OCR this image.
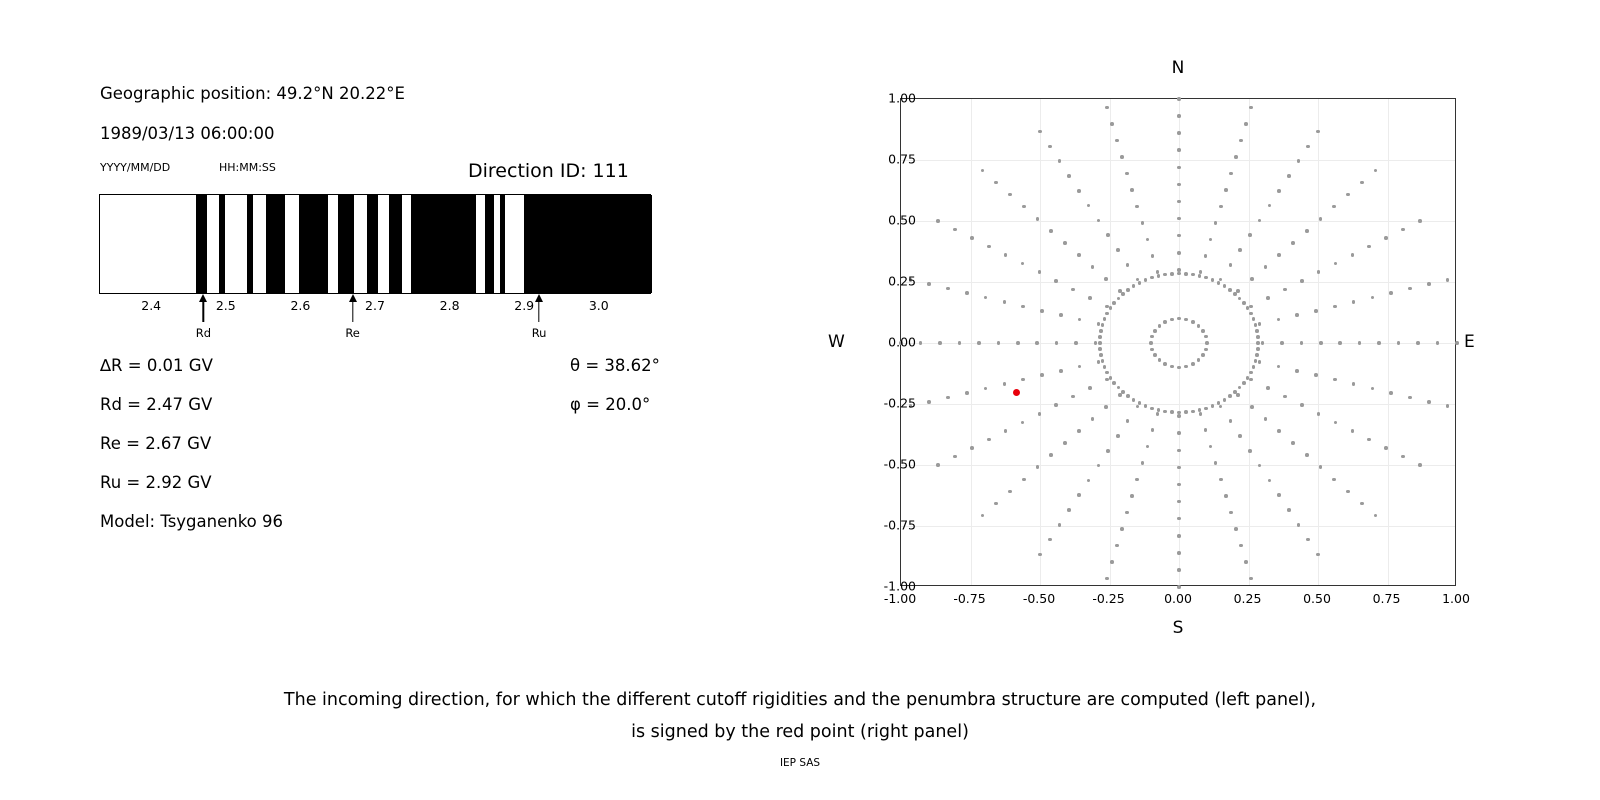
Geographic position: 49.2°N 20.22°E
1989/03/13 06:00:00
YYYY/MM/DD	HH:MM:SS	Direction ID: 111
2.4	2.5	2.6	2.7	2.8	2.9	3.0
Rd	Re	Ru
∆R = 0.01 GV
Rd = 2.47 GV
Re = 2.67 GV
Ru = 2.92 GV
Model: Tsyganenko 96
θ = 38.62°
φ = 20.0°
N
S
W	E
-1.00
-0.75
-0.50
-0.25
0.00
0.25
0.50
0.75
1.00
-1.00	-0.75	-0.50	-0.25	0.00	0.25	0.50	0.75	1.00
The incoming direction, for which the different cutoff rigidities and the penumbra structure are computed (left panel),
is signed by the red point (right panel)
IEP SAS
